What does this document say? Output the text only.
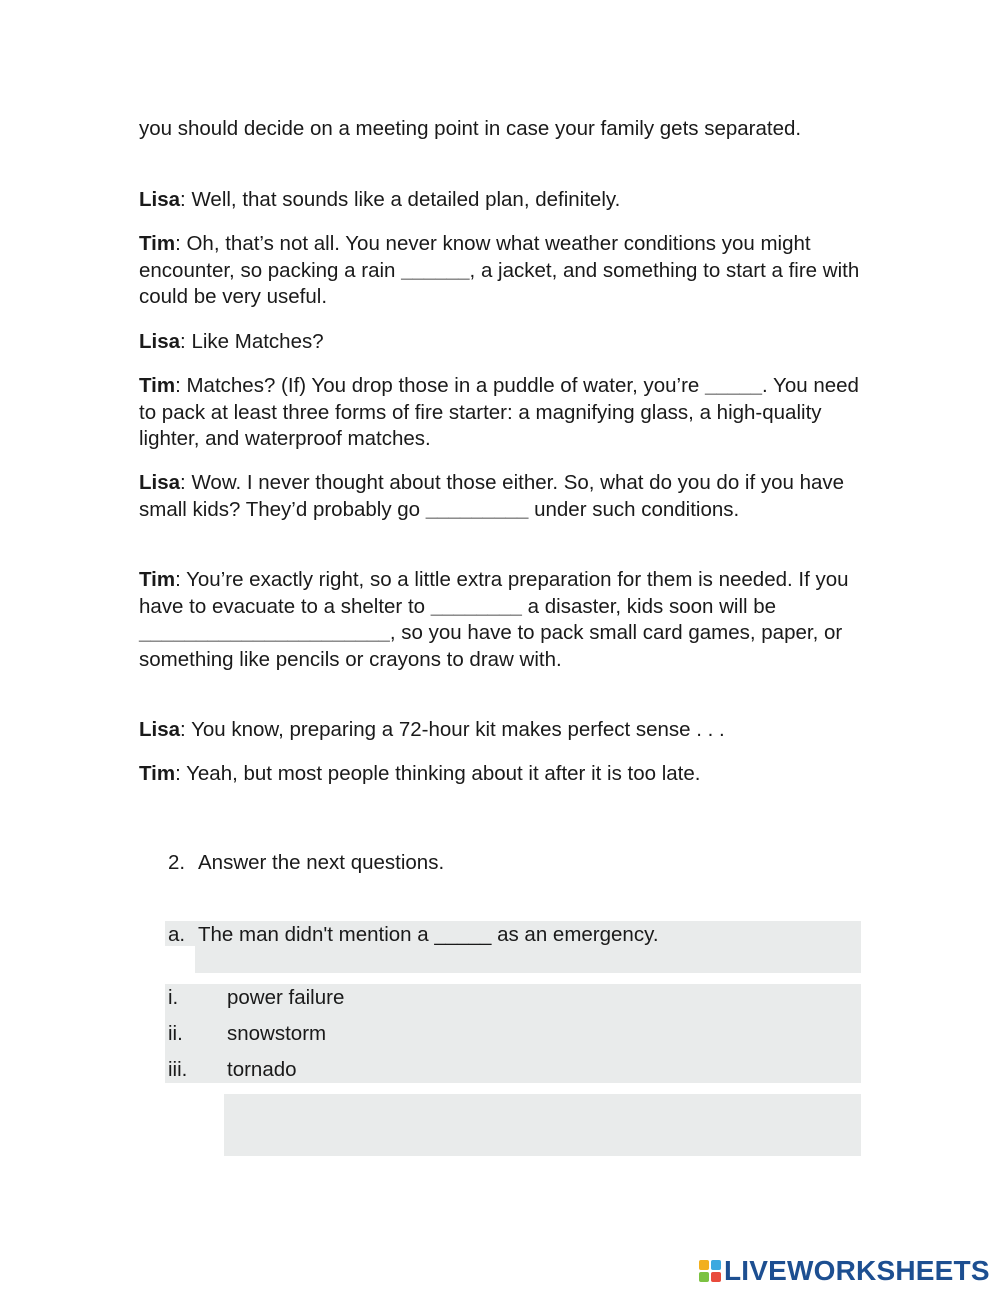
you should decide on a meeting point in case your family gets separated.

Lisa: Well, that sounds like a detailed plan, definitely.

Tim: Oh, that’s not all. You never know what weather conditions you might encounter, so packing a rain ______, a jacket, and something to start a fire with could be very useful.

Lisa: Like Matches?

Tim: Matches? (If) You drop those in a puddle of water, you’re _____. You need to pack at least three forms of fire starter: a magnifying glass, a high-quality lighter, and waterproof matches.

Lisa: Wow. I never thought about those either. So, what do you do if you have small kids? They’d probably go _________ under such conditions.

Tim: You’re exactly right, so a little extra preparation for them is needed. If you have to evacuate to a shelter to ________ a disaster, kids soon will be ______________________, so you have to pack small card games, paper, or something like pencils or crayons to draw with.

Lisa: You know, preparing a 72-hour kit makes perfect sense . . .

Tim: Yeah, but most people thinking about it after it is too late.

2. Answer the next questions.
a. The man didn't mention a _____ as an emergency.
i. power failure
ii. snowstorm
iii. tornado
LIVEWORKSHEETS
